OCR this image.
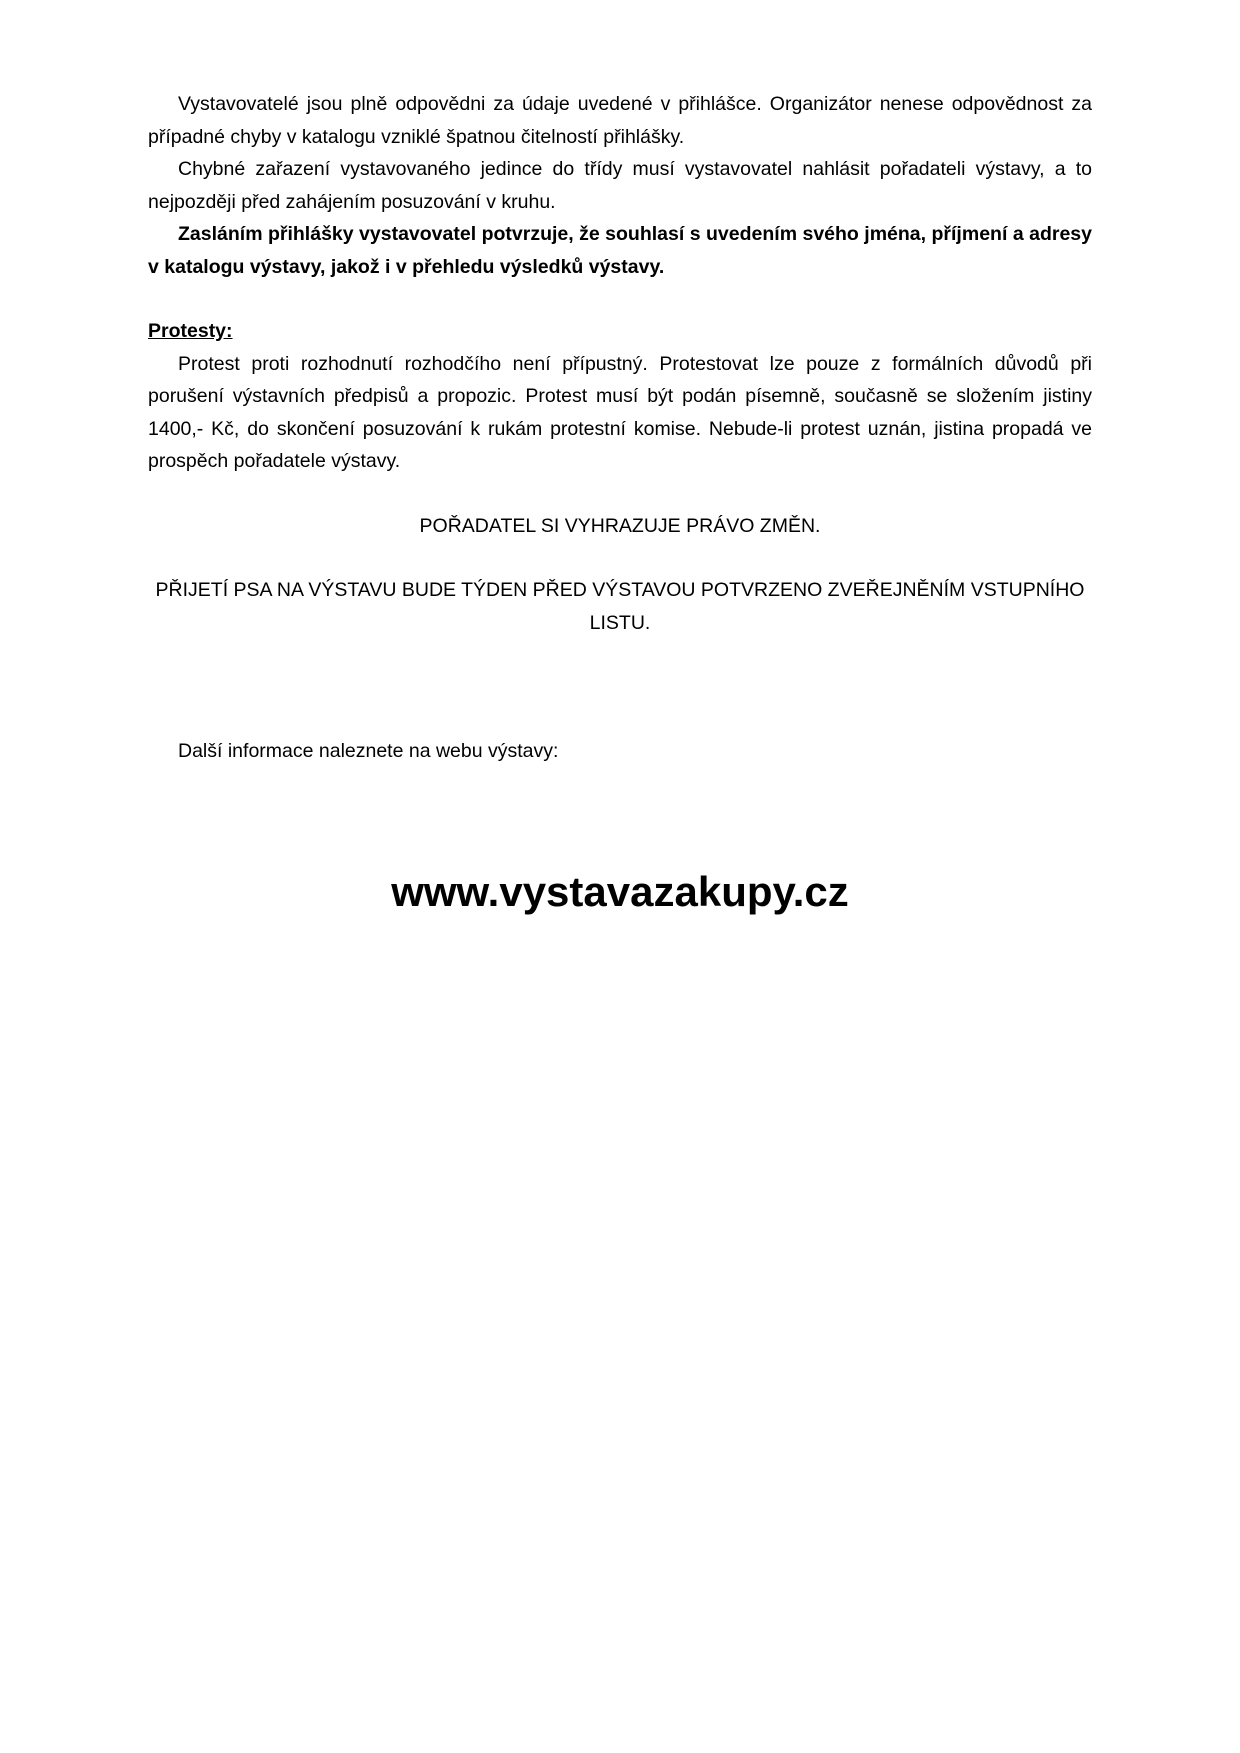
Vystavovatelé jsou plně odpovědni za údaje uvedené v přihlášce. Organizátor nenese odpovědnost za případné chyby v katalogu vzniklé špatnou čitelností přihlášky.

Chybné zařazení vystavovaného jedince do třídy musí vystavovatel nahlásit pořadateli výstavy, a to nejpozději před zahájením posuzování v kruhu.

Zasláním přihlášky vystavovatel potvrzuje, že souhlasí s uvedením svého jména, příjmení a adresy v katalogu výstavy, jakož i v přehledu výsledků výstavy.

Protesty:

Protest proti rozhodnutí rozhodčího není přípustný. Protestovat lze pouze z formálních důvodů při porušení výstavních předpisů a propozic. Protest musí být podán písemně, současně se složením jistiny 1400,- Kč, do skončení posuzování k rukám protestní komise. Nebude-li protest uznán, jistina propadá ve prospěch pořadatele výstavy.

POŘADATEL SI VYHRAZUJE PRÁVO ZMĚN.

PŘIJETÍ PSA NA VÝSTAVU BUDE TÝDEN PŘED VÝSTAVOU POTVRZENO ZVEŘEJNĚNÍM VSTUPNÍHO

LISTU.

Další informace naleznete na webu výstavy:

www.vystavazakupy.cz
